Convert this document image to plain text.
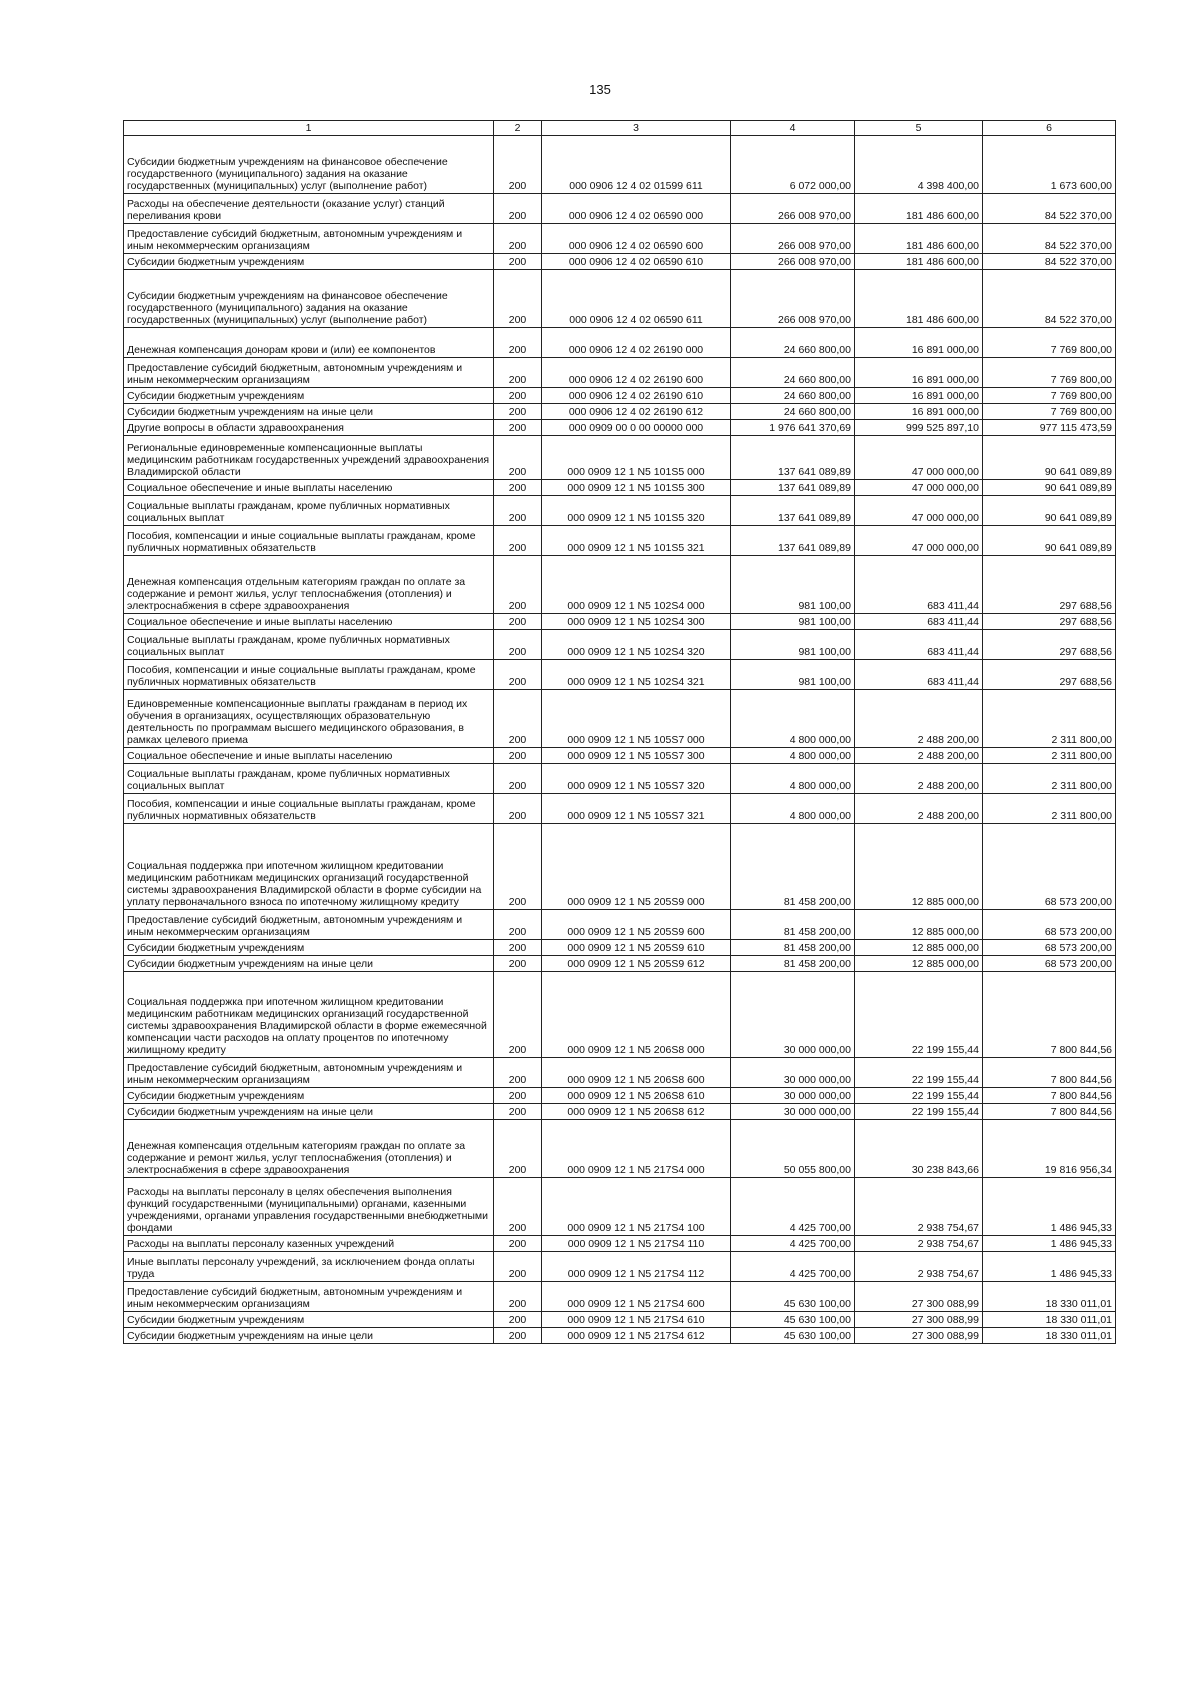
135
1	2	3	4	5	6
Субсидии бюджетным учреждениям на финансовое обеспечение государственного (муниципального) задания на оказание государственных (муниципальных) услуг (выполнение работ)	200	000 0906 12 4 02 01599 611	6 072 000,00	4 398 400,00	1 673 600,00
Расходы на обеспечение деятельности (оказание услуг) станций переливания крови	200	000 0906 12 4 02 06590 000	266 008 970,00	181 486 600,00	84 522 370,00
Предоставление субсидий бюджетным, автономным учреждениям и иным некоммерческим организациям	200	000 0906 12 4 02 06590 600	266 008 970,00	181 486 600,00	84 522 370,00
Субсидии бюджетным учреждениям	200	000 0906 12 4 02 06590 610	266 008 970,00	181 486 600,00	84 522 370,00
Субсидии бюджетным учреждениям на финансовое обеспечение государственного (муниципального) задания на оказание государственных (муниципальных) услуг (выполнение работ)	200	000 0906 12 4 02 06590 611	266 008 970,00	181 486 600,00	84 522 370,00
Денежная компенсация донорам крови и (или) ее компонентов	200	000 0906 12 4 02 26190 000	24 660 800,00	16 891 000,00	7 769 800,00
Предоставление субсидий бюджетным, автономным учреждениям и иным некоммерческим организациям	200	000 0906 12 4 02 26190 600	24 660 800,00	16 891 000,00	7 769 800,00
Субсидии бюджетным учреждениям	200	000 0906 12 4 02 26190 610	24 660 800,00	16 891 000,00	7 769 800,00
Субсидии бюджетным учреждениям на иные цели	200	000 0906 12 4 02 26190 612	24 660 800,00	16 891 000,00	7 769 800,00
Другие вопросы в области здравоохранения	200	000 0909 00 0 00 00000 000	1 976 641 370,69	999 525 897,10	977 115 473,59
Региональные единовременные компенсационные выплаты медицинским работникам государственных учреждений здравоохранения Владимирской области	200	000 0909 12 1 N5 101S5 000	137 641 089,89	47 000 000,00	90 641 089,89
Социальное обеспечение и иные выплаты населению	200	000 0909 12 1 N5 101S5 300	137 641 089,89	47 000 000,00	90 641 089,89
Социальные выплаты гражданам, кроме публичных нормативных социальных выплат	200	000 0909 12 1 N5 101S5 320	137 641 089,89	47 000 000,00	90 641 089,89
Пособия, компенсации и иные социальные выплаты гражданам, кроме публичных нормативных обязательств	200	000 0909 12 1 N5 101S5 321	137 641 089,89	47 000 000,00	90 641 089,89
Денежная компенсация отдельным категориям граждан по оплате за содержание и ремонт жилья, услуг теплоснабжения (отопления) и электроснабжения в сфере здравоохранения	200	000 0909 12 1 N5 102S4 000	981 100,00	683 411,44	297 688,56
Социальное обеспечение и иные выплаты населению	200	000 0909 12 1 N5 102S4 300	981 100,00	683 411,44	297 688,56
Социальные выплаты гражданам, кроме публичных нормативных социальных выплат	200	000 0909 12 1 N5 102S4 320	981 100,00	683 411,44	297 688,56
Пособия, компенсации и иные социальные выплаты гражданам, кроме публичных нормативных обязательств	200	000 0909 12 1 N5 102S4 321	981 100,00	683 411,44	297 688,56
Единовременные компенсационные выплаты гражданам в период их обучения в организациях, осуществляющих образовательную деятельность по программам высшего медицинского образования, в рамках целевого приема	200	000 0909 12 1 N5 105S7 000	4 800 000,00	2 488 200,00	2 311 800,00
Социальное обеспечение и иные выплаты населению	200	000 0909 12 1 N5 105S7 300	4 800 000,00	2 488 200,00	2 311 800,00
Социальные выплаты гражданам, кроме публичных нормативных социальных выплат	200	000 0909 12 1 N5 105S7 320	4 800 000,00	2 488 200,00	2 311 800,00
Пособия, компенсации и иные социальные выплаты гражданам, кроме публичных нормативных обязательств	200	000 0909 12 1 N5 105S7 321	4 800 000,00	2 488 200,00	2 311 800,00
Социальная поддержка при ипотечном жилищном кредитовании медицинским работникам медицинских организаций государственной системы здравоохранения Владимирской области в форме субсидии на уплату первоначального взноса по ипотечному жилищному кредиту	200	000 0909 12 1 N5 205S9 000	81 458 200,00	12 885 000,00	68 573 200,00
Предоставление субсидий бюджетным, автономным учреждениям и иным некоммерческим организациям	200	000 0909 12 1 N5 205S9 600	81 458 200,00	12 885 000,00	68 573 200,00
Субсидии бюджетным учреждениям	200	000 0909 12 1 N5 205S9 610	81 458 200,00	12 885 000,00	68 573 200,00
Субсидии бюджетным учреждениям на иные цели	200	000 0909 12 1 N5 205S9 612	81 458 200,00	12 885 000,00	68 573 200,00
Социальная поддержка при ипотечном жилищном кредитовании медицинским работникам медицинских организаций государственной системы здравоохранения Владимирской области в форме ежемесячной компенсации части расходов на оплату процентов по ипотечному жилищному кредиту	200	000 0909 12 1 N5 206S8 000	30 000 000,00	22 199 155,44	7 800 844,56
Предоставление субсидий бюджетным, автономным учреждениям и иным некоммерческим организациям	200	000 0909 12 1 N5 206S8 600	30 000 000,00	22 199 155,44	7 800 844,56
Субсидии бюджетным учреждениям	200	000 0909 12 1 N5 206S8 610	30 000 000,00	22 199 155,44	7 800 844,56
Субсидии бюджетным учреждениям на иные цели	200	000 0909 12 1 N5 206S8 612	30 000 000,00	22 199 155,44	7 800 844,56
Денежная компенсация отдельным категориям граждан по оплате за содержание и ремонт жилья, услуг теплоснабжения (отопления) и электроснабжения в сфере здравоохранения	200	000 0909 12 1 N5 217S4 000	50 055 800,00	30 238 843,66	19 816 956,34
Расходы на выплаты персоналу в целях обеспечения выполнения функций государственными (муниципальными) органами, казенными учреждениями, органами управления государственными внебюджетными фондами	200	000 0909 12 1 N5 217S4 100	4 425 700,00	2 938 754,67	1 486 945,33
Расходы на выплаты персоналу казенных учреждений	200	000 0909 12 1 N5 217S4 110	4 425 700,00	2 938 754,67	1 486 945,33
Иные выплаты персоналу учреждений, за исключением фонда оплаты труда	200	000 0909 12 1 N5 217S4 112	4 425 700,00	2 938 754,67	1 486 945,33
Предоставление субсидий бюджетным, автономным учреждениям и иным некоммерческим организациям	200	000 0909 12 1 N5 217S4 600	45 630 100,00	27 300 088,99	18 330 011,01
Субсидии бюджетным учреждениям	200	000 0909 12 1 N5 217S4 610	45 630 100,00	27 300 088,99	18 330 011,01
Субсидии бюджетным учреждениям на иные цели	200	000 0909 12 1 N5 217S4 612	45 630 100,00	27 300 088,99	18 330 011,01
